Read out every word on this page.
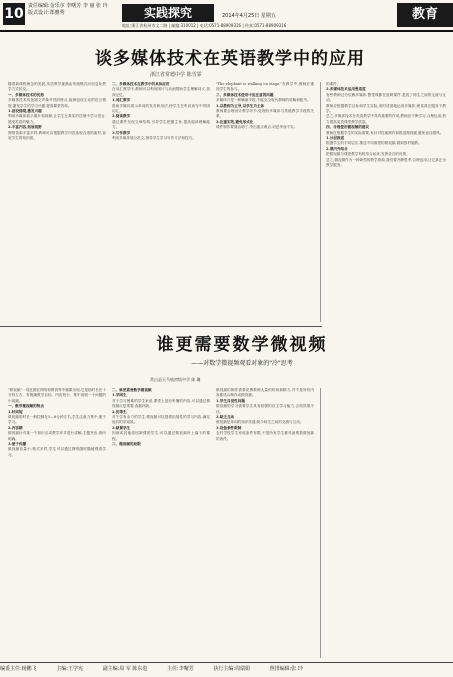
10 责任编辑:金乐尔 李曙芳 李 丽 张 玲
版式设计:郑雅秀	实践探究
地址:浙江省杭州市文二路 | 邮编:310012 | 电话:0571-88909316 | 传真:0571-88909316
2014年4月25日 星期五	教育
谈多媒体技术在英语教学中的应用
浙江省常德中学 陈雪霏
随着新课程理念的发展,英语教学逐渐由传统模式向信息化教学方式转变。
一、多媒体技术的优势
多媒体技术具备图文声像并茂的特点,能够创设生动的语言情境,激发学生的学习兴趣,提高课堂效率。
1.创设情境,激发兴趣
利用多媒体展示图片和视频,让学生在真实的语境中学习语言,感受英语的魅力。
2.丰富内容,拓展视野
网络资源丰富多样,教师可以根据教学内容选取合适的素材,拓宽学生的知识面。
二、多媒体技术在教学中的具体应用
在词汇教学中,教师可以利用图片与动画帮助学生理解词义,加深记忆。
1.词汇教学
借助多媒体展示单词的发音和用法,使学生在听说读写中巩固词汇。
2.阅读教学
通过课件呈现文章结构,引导学生把握主旨,提高阅读理解能力。
3.写作教学
利用多媒体展示范文,指导学生学习写作方法和技巧。
"The elephant is walking on stage."在教学中,教师应重视学生的参与。
三、多媒体技术使用中应注意的问题
多媒体只是一种辅助手段,不能完全取代教师的讲解和板书。
1.以教师为主导,以学生为主体
教师要合理设计教学环节,处理好多媒体与传统教学手段的关系。
2.注重实效,避免形式化
课件制作要简洁明了,突出重点难点,切忌华而不实。
的课件。
3.多媒体技术运用要适度
有些教师过分依赖多媒体,整堂课都在放映课件,忽视了师生之间的交流与互动。
教师应根据教学目标和学生实际,适时适度地运用多媒体,使其真正服务于教学。
总之,多媒体技术在英语教学中具有重要的作用,教师应不断学习,合理运用,努力提高英语课堂教学质量。
四、合理使用微视频的建议
教师应根据学生的实际需要,有针对性地制作和推送微视频,避免盲目跟风。
1.分层推送
根据学生的不同层次,推送不同难度的微视频,做到因材施教。
2.课内外结合
把微视频与课堂教学有机结合起来,发挥各自的优势。
总之,微视频作为一种新型的教学资源,我们要冷静思考,合理运用,让它真正为教学服务。
谁更需要数学微视频
——对数学微视频观看对象的"冷"思考
常山县天马镇初级中学 陈 珊
"微视频"一词近期在网络和教育界中频繁出现,它是指时长在十分钟左右、有明确教学目标、内容短小、集中说明一个问题的小视频。
一、数学微视频的特点
1.时间短
微视频的时长一般控制在5—8分钟左右,学生注意力集中,便于学习。
2.内容精
微视频针对某一个知识点或教学环节进行讲解,主题突出,指向明确。
3.便于传播
微视频容量小,格式多样,学生可以通过网络随时随地观看学习。
二、谁更需要数学微视频
1.学困生
对于学习困难的学生来说,课堂上没有听懂的内容,可以通过微视频反复观看,查漏补缺。
2.优等生
对于学有余力的学生,微视频可以提供拓展性的学习内容,满足他们的求知欲。
3.缺课学生
因病或其他原因缺课的学生,可以通过微视频补上落下的课程。
三、微视频的局限
微视频的制作需要花费教师大量的时间和精力,并不是所有内容都适合制作成微视频。
1.学生自觉性问题
微视频的学习需要学生具有较强的自主学习能力,否则效果不佳。
2.缺乏互动
微视频是单向的知识传递,缺少师生之间的交流与互动。
3.设备条件限制
农村学校学生家庭条件有限,不是所有学生都具备观看微视频的条件。
编委主任:杨鹏飞	主编:王学宪	副主编:周 军 陈东进	主任:李曙芳	执行主编:周瑞娟	照排编辑:张 玲
